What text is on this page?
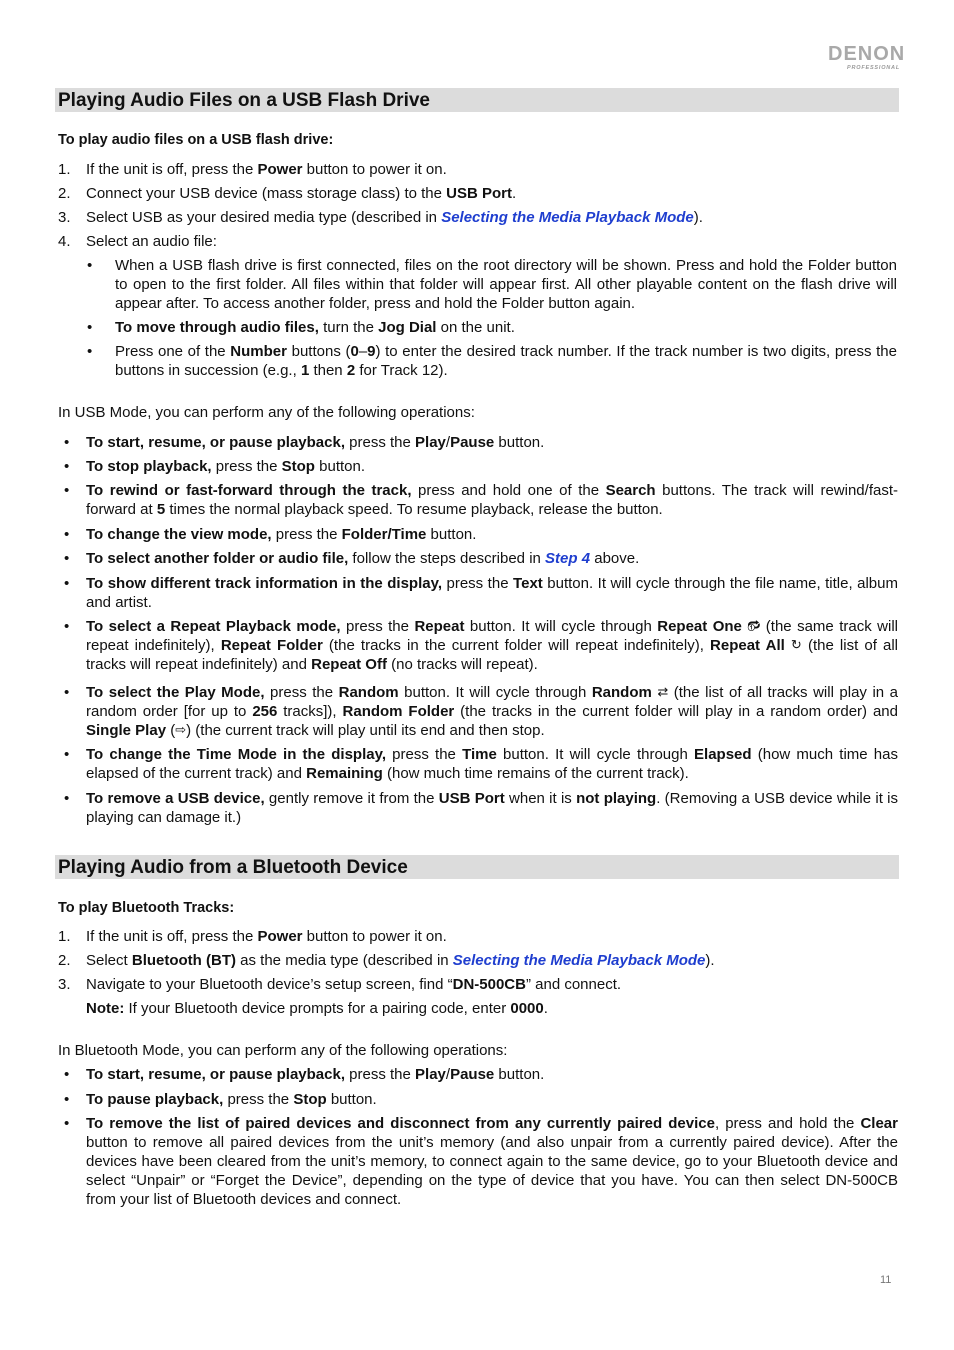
DENON
PROFESSIONAL
Playing Audio Files on a USB Flash Drive
To play audio files on a USB flash drive:
1.	If the unit is off, press the Power button to power it on.
2.	Connect your USB device (mass storage class) to the USB Port.
3.	Select USB as your desired media type (described in Selecting the Media Playback Mode).
4.	Select an audio file:
• When a USB flash drive is first connected, files on the root directory will be shown. Press and hold the Folder button to open to the first folder. All files within that folder will appear first. All other playable content on the flash drive will appear after. To access another folder, press and hold the Folder button again.
• To move through audio files, turn the Jog Dial on the unit.
• Press one of the Number buttons (0–9) to enter the desired track number. If the track number is two digits, press the buttons in succession (e.g., 1 then 2 for Track 12).
In USB Mode, you can perform any of the following operations:
• To start, resume, or pause playback, press the Play/Pause button.
• To stop playback, press the Stop button.
• To rewind or fast-forward through the track, press and hold one of the Search buttons. The track will rewind/fast-forward at 5 times the normal playback speed. To resume playback, release the button.
• To change the view mode, press the Folder/Time button.
• To select another folder or audio file, follow the steps described in Step 4 above.
• To show different track information in the display, press the Text button. It will cycle through the file name, title, album and artist.
• To select a Repeat Playback mode, press the Repeat button. It will cycle through Repeat One 🔂︎ (the same track will repeat indefinitely), Repeat Folder (the tracks in the current folder will repeat indefinitely), Repeat All ↻ (the list of all tracks will repeat indefinitely) and Repeat Off (no tracks will repeat).
• To select the Play Mode, press the Random button. It will cycle through Random ⇄ (the list of all tracks will play in a random order [for up to 256 tracks]), Random Folder (the tracks in the current folder will play in a random order) and Single Play (⇨) (the current track will play until its end and then stop.
• To change the Time Mode in the display, press the Time button. It will cycle through Elapsed (how much time has elapsed of the current track) and Remaining (how much time remains of the current track).
• To remove a USB device, gently remove it from the USB Port when it is not playing. (Removing a USB device while it is playing can damage it.)
Playing Audio from a Bluetooth Device
To play Bluetooth Tracks:
1.	If the unit is off, press the Power button to power it on.
2.	Select Bluetooth (BT) as the media type (described in Selecting the Media Playback Mode).
3.	Navigate to your Bluetooth device’s setup screen, find “DN-500CB” and connect.
Note: If your Bluetooth device prompts for a pairing code, enter 0000.
In Bluetooth Mode, you can perform any of the following operations:
• To start, resume, or pause playback, press the Play/Pause button.
• To pause playback, press the Stop button.
• To remove the list of paired devices and disconnect from any currently paired device, press and hold the Clear button to remove all paired devices from the unit’s memory (and also unpair from a currently paired device). After the devices have been cleared from the unit’s memory, to connect again to the same device, go to your Bluetooth device and select “Unpair” or “Forget the Device”, depending on the type of device that you have. You can then select DN-500CB from your list of Bluetooth devices and connect.
11
